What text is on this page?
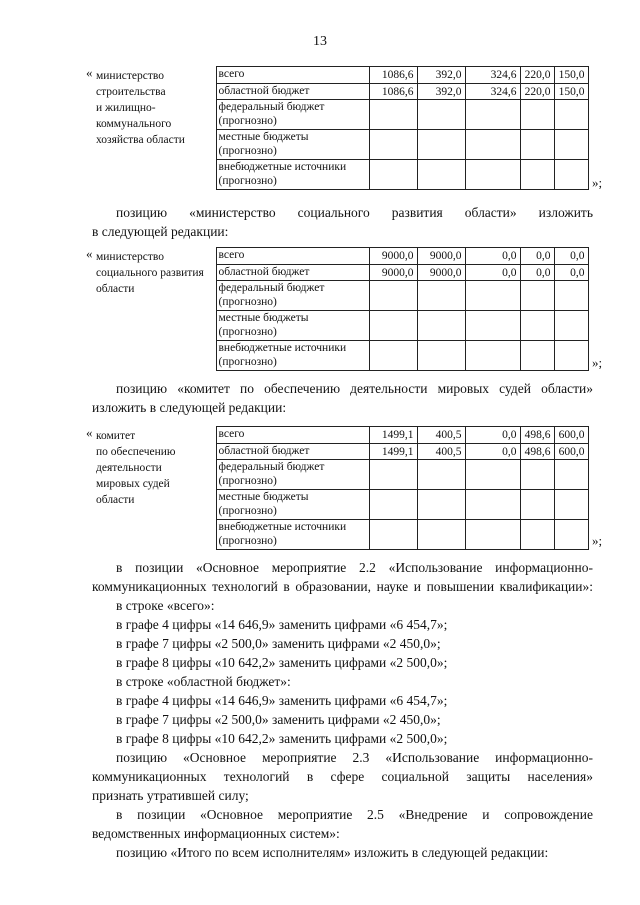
13
« министерство
строительства
и жилищно-
коммунального
хозяйства области	всего	1086,6	392,0	324,6	220,0	150,0
	областной бюджет	1086,6	392,0	324,6	220,0	150,0
	федеральный бюджет (прогнозно)					
	местные бюджеты (прогнозно)					
	внебюджетные источники (прогнозно)						»;
позицию «министерство социального развития области» изложить
в следующей редакции:
« министерство
социального развития
области	всего	9000,0	9000,0	0,0	0,0	0,0
	областной бюджет	9000,0	9000,0	0,0	0,0	0,0
	федеральный бюджет (прогнозно)					
	местные бюджеты (прогнозно)					
	внебюджетные источники (прогнозно)						»;
позицию «комитет по обеспечению деятельности мировых судей области»
изложить в следующей редакции:
« комитет
по обеспечению
деятельности
мировых судей
области	всего	1499,1	400,5	0,0	498,6	600,0
	областной бюджет	1499,1	400,5	0,0	498,6	600,0
	федеральный бюджет (прогнозно)					
	местные бюджеты (прогнозно)					
	внебюджетные источники (прогнозно)						»;
в позиции «Основное мероприятие 2.2 «Использование информационно-
коммуникационных технологий в образовании, науке и повышении квалификации»:
в строке «всего»:
в графе 4 цифры «14 646,9» заменить цифрами «6 454,7»;
в графе 7 цифры «2 500,0» заменить цифрами «2 450,0»;
в графе 8 цифры «10 642,2» заменить цифрами «2 500,0»;
в строке «областной бюджет»:
в графе 4 цифры «14 646,9» заменить цифрами «6 454,7»;
в графе 7 цифры «2 500,0» заменить цифрами «2 450,0»;
в графе 8 цифры «10 642,2» заменить цифрами «2 500,0»;
позицию «Основное мероприятие 2.3 «Использование информационно-
коммуникационных технологий в сфере социальной защиты населения»
признать утратившей силу;
в позиции «Основное мероприятие 2.5 «Внедрение и сопровождение
ведомственных информационных систем»:
позицию «Итого по всем исполнителям» изложить в следующей редакции:
